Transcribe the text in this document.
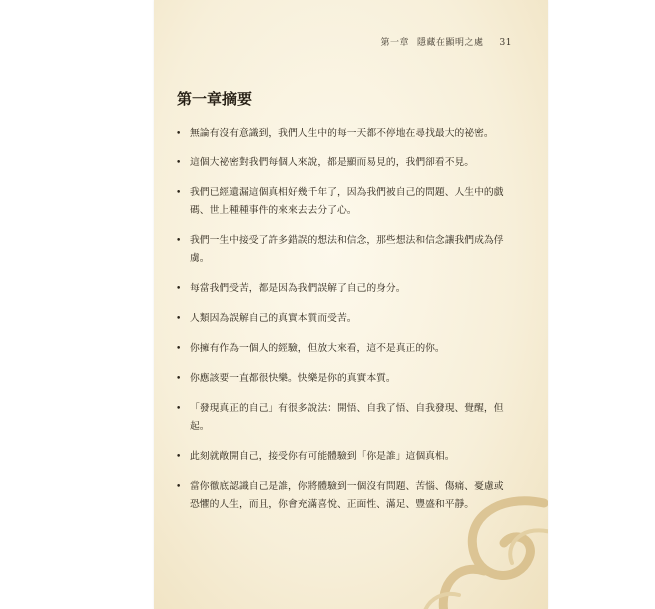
第一章 隱藏在顯明之處 31
第一章摘要
• 無論有沒有意識到，我們人生中的每一天都不停地在尋找最大的祕密。
• 這個大祕密對我們每個人來說，都是顯而易見的，我們卻看不見。
• 我們已經遺漏這個真相好幾千年了，因為我們被自己的問題、人生中的戲碼、世上種種事件的來來去去分了心。
• 我們一生中接受了許多錯誤的想法和信念，那些想法和信念讓我們成為俘虜。
• 每當我們受苦，都是因為我們誤解了自己的身分。
• 人類因為誤解自己的真實本質而受苦。
• 你擁有作為一個人的經驗，但放大來看，這不是真正的你。
• 你應該要一直都很快樂。快樂是你的真實本質。
• 「發現真正的自己」有很多說法：開悟、自我了悟、自我發現、覺醒，但起。
• 此刻就敞開自己，接受你有可能體驗到「你是誰」這個真相。
• 當你徹底認識自己是誰，你將體驗到一個沒有問題、苦惱、傷痛、憂慮或恐懼的人生，而且，你會充滿喜悅、正面性、滿足、豐盛和平靜。
